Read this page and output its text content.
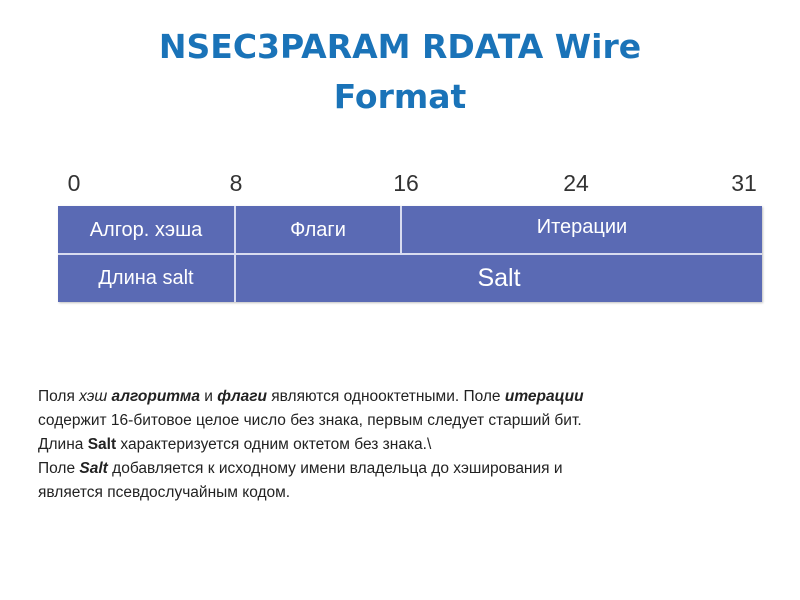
NSEC3PARAM RDATA Wire
Format
0	8	16	24	31
Алгор. хэша	Флаги	Итерации
Длина salt	Salt

Поля хэш алгоритма и флаги являются однооктетными. Поле итерации

содержит 16-битовое целое число без знака, первым следует старший бит.

Длина Salt характеризуется одним октетом без знака.\

Поле Salt добавляется к исходному имени владельца до хэширования и

является псевдослучайным кодом.
